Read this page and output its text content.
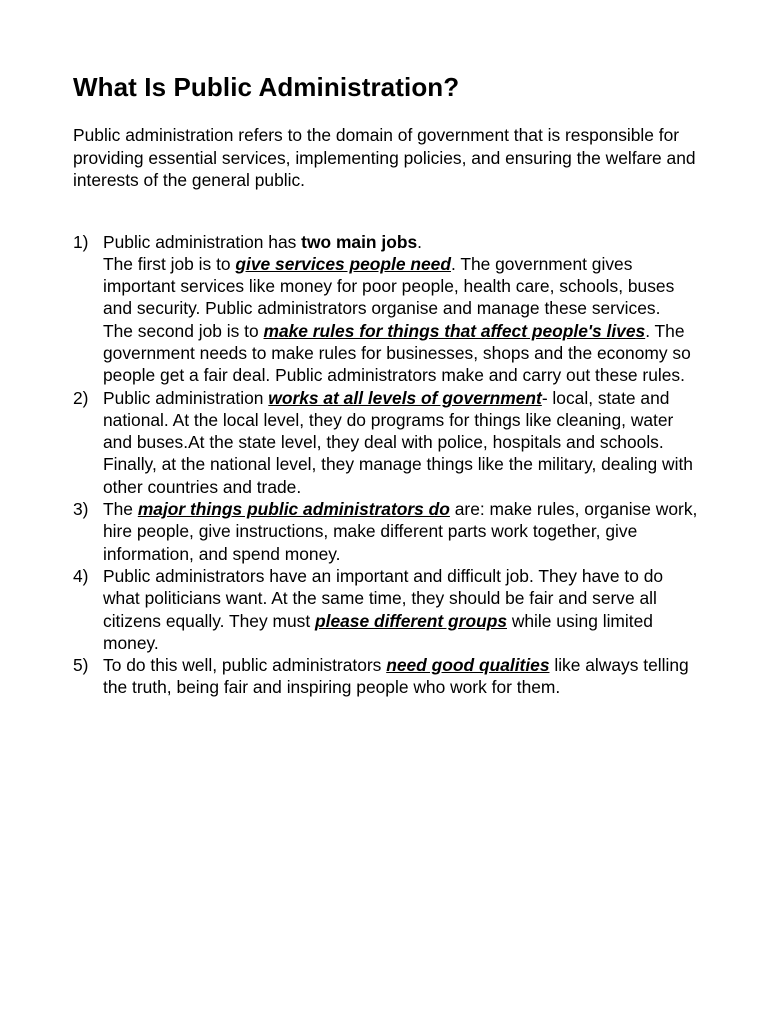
What Is Public Administration?

Public administration refers to the domain of government that is responsible for providing essential services, implementing policies, and ensuring the welfare and interests of the general public.

1) Public administration has two main jobs.
The first job is to give services people need. The government gives important services like money for poor people, health care, schools, buses and security. Public administrators organise and manage these services.
The second job is to make rules for things that affect people's lives. The government needs to make rules for businesses, shops and the economy so people get a fair deal. Public administrators make and carry out these rules.
2) Public administration works at all levels of government- local, state and national. At the local level, they do programs for things like cleaning, water and buses.At the state level, they deal with police, hospitals and schools. Finally, at the national level, they manage things like the military, dealing with other countries and trade.
3) The major things public administrators do are: make rules, organise work, hire people, give instructions, make different parts work together, give information, and spend money.
4) Public administrators have an important and difficult job. They have to do what politicians want. At the same time, they should be fair and serve all citizens equally. They must please different groups while using limited money.
5) To do this well, public administrators need good qualities like always telling the truth, being fair and inspiring people who work for them.
